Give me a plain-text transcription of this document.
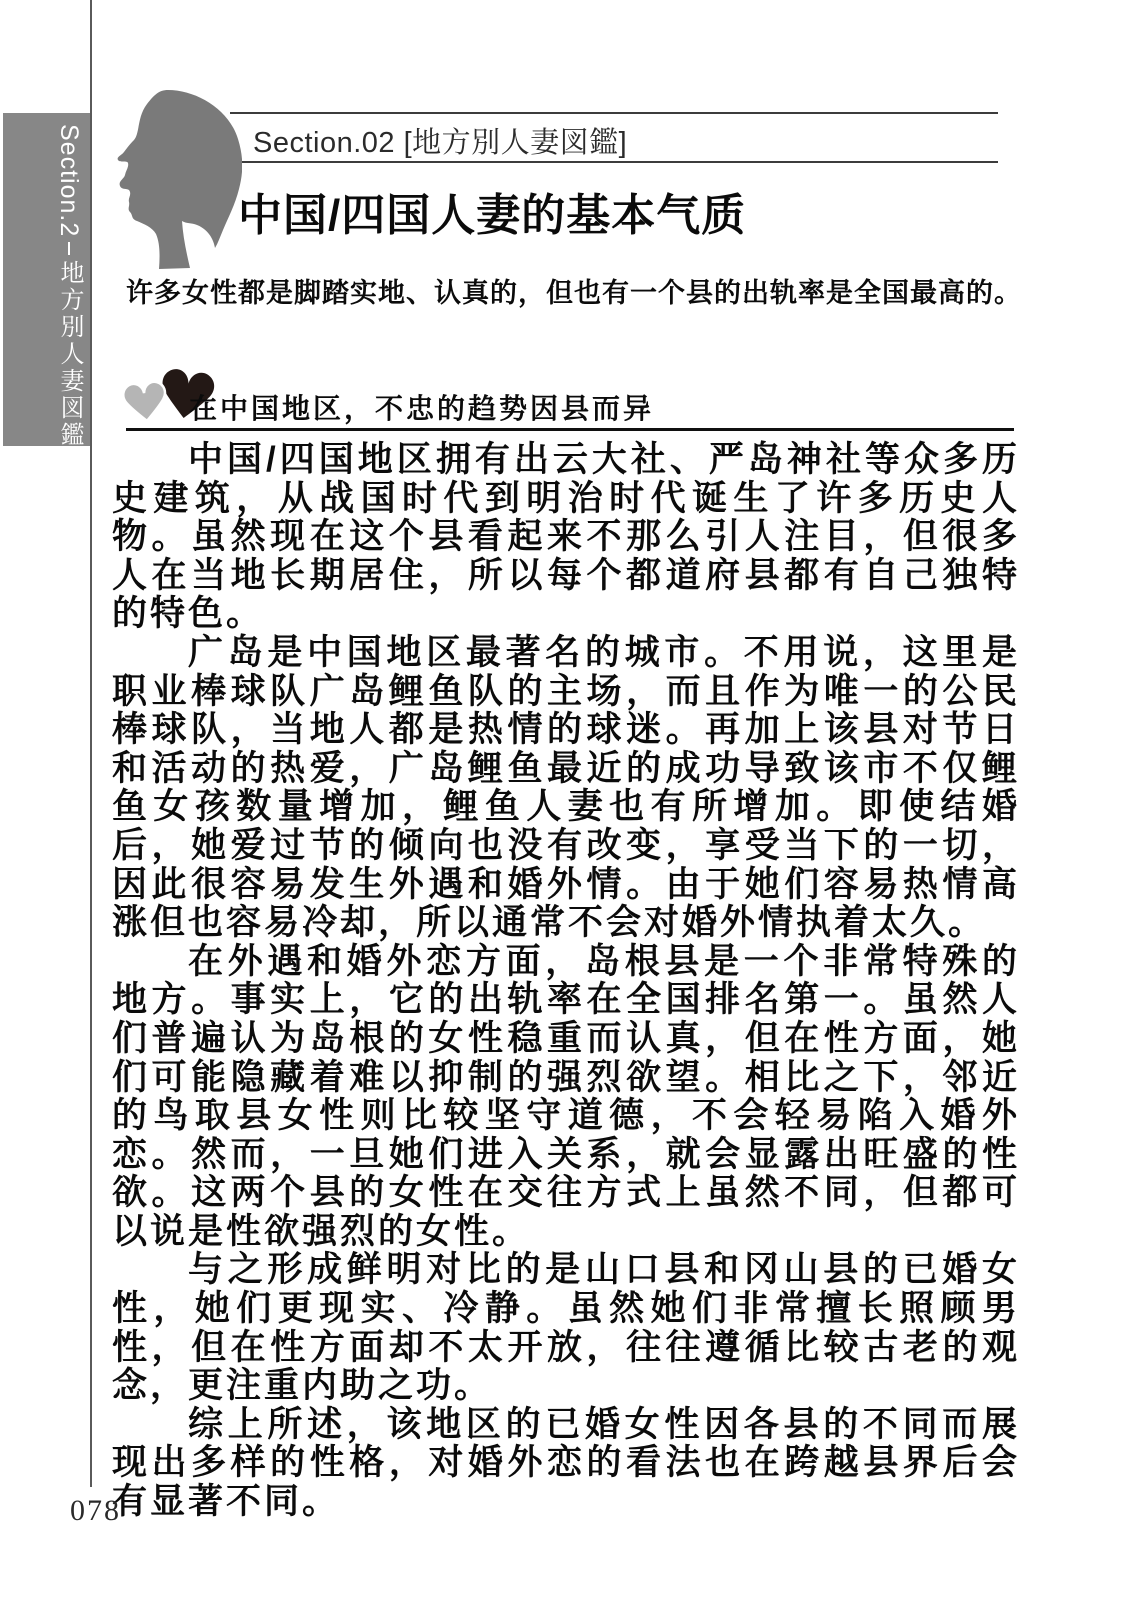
Section.2
地方別人妻図鑑
Section.02 [地方別人妻図鑑]
中国/四国人妻的基本气质
许多女性都是脚踏实地、认真的，但也有一个县的出轨率是全国最高的。
在中国地区，不忠的趋势因县而异

中国/四国地区拥有出云大社、严岛神社等众多历史建筑，从战国时代到明治时代诞生了许多历史人物。虽然现在这个县看起来不那么引人注目，但很多人在当地长期居住，所以每个都道府县都有自己独特的特色。

广岛是中国地区最著名的城市。不用说，这里是职业棒球队广岛鲤鱼队的主场，而且作为唯一的公民棒球队，当地人都是热情的球迷。再加上该县对节日和活动的热爱，广岛鲤鱼最近的成功导致该市不仅鲤鱼女孩数量增加，鲤鱼人妻也有所增加。即使结婚后，她爱过节的倾向也没有改变，享受当下的一切，因此很容易发生外遇和婚外情。由于她们容易热情高涨但也容易冷却，所以通常不会对婚外情执着太久。

在外遇和婚外恋方面，岛根县是一个非常特殊的地方。事实上，它的出轨率在全国排名第一。虽然人们普遍认为岛根的女性稳重而认真，但在性方面，她们可能隐藏着难以抑制的强烈欲望。相比之下，邻近的鸟取县女性则比较坚守道德，不会轻易陷入婚外恋。然而，一旦她们进入关系，就会显露出旺盛的性欲。这两个县的女性在交往方式上虽然不同，但都可以说是性欲强烈的女性。

与之形成鲜明对比的是山口县和冈山县的已婚女性，她们更现实、冷静。虽然她们非常擅长照顾男性，但在性方面却不太开放，往往遵循比较古老的观念，更注重内助之功。

综上所述，该地区的已婚女性因各县的不同而展现出多样的性格，对婚外恋的看法也在跨越县界后会有显著不同。

078
